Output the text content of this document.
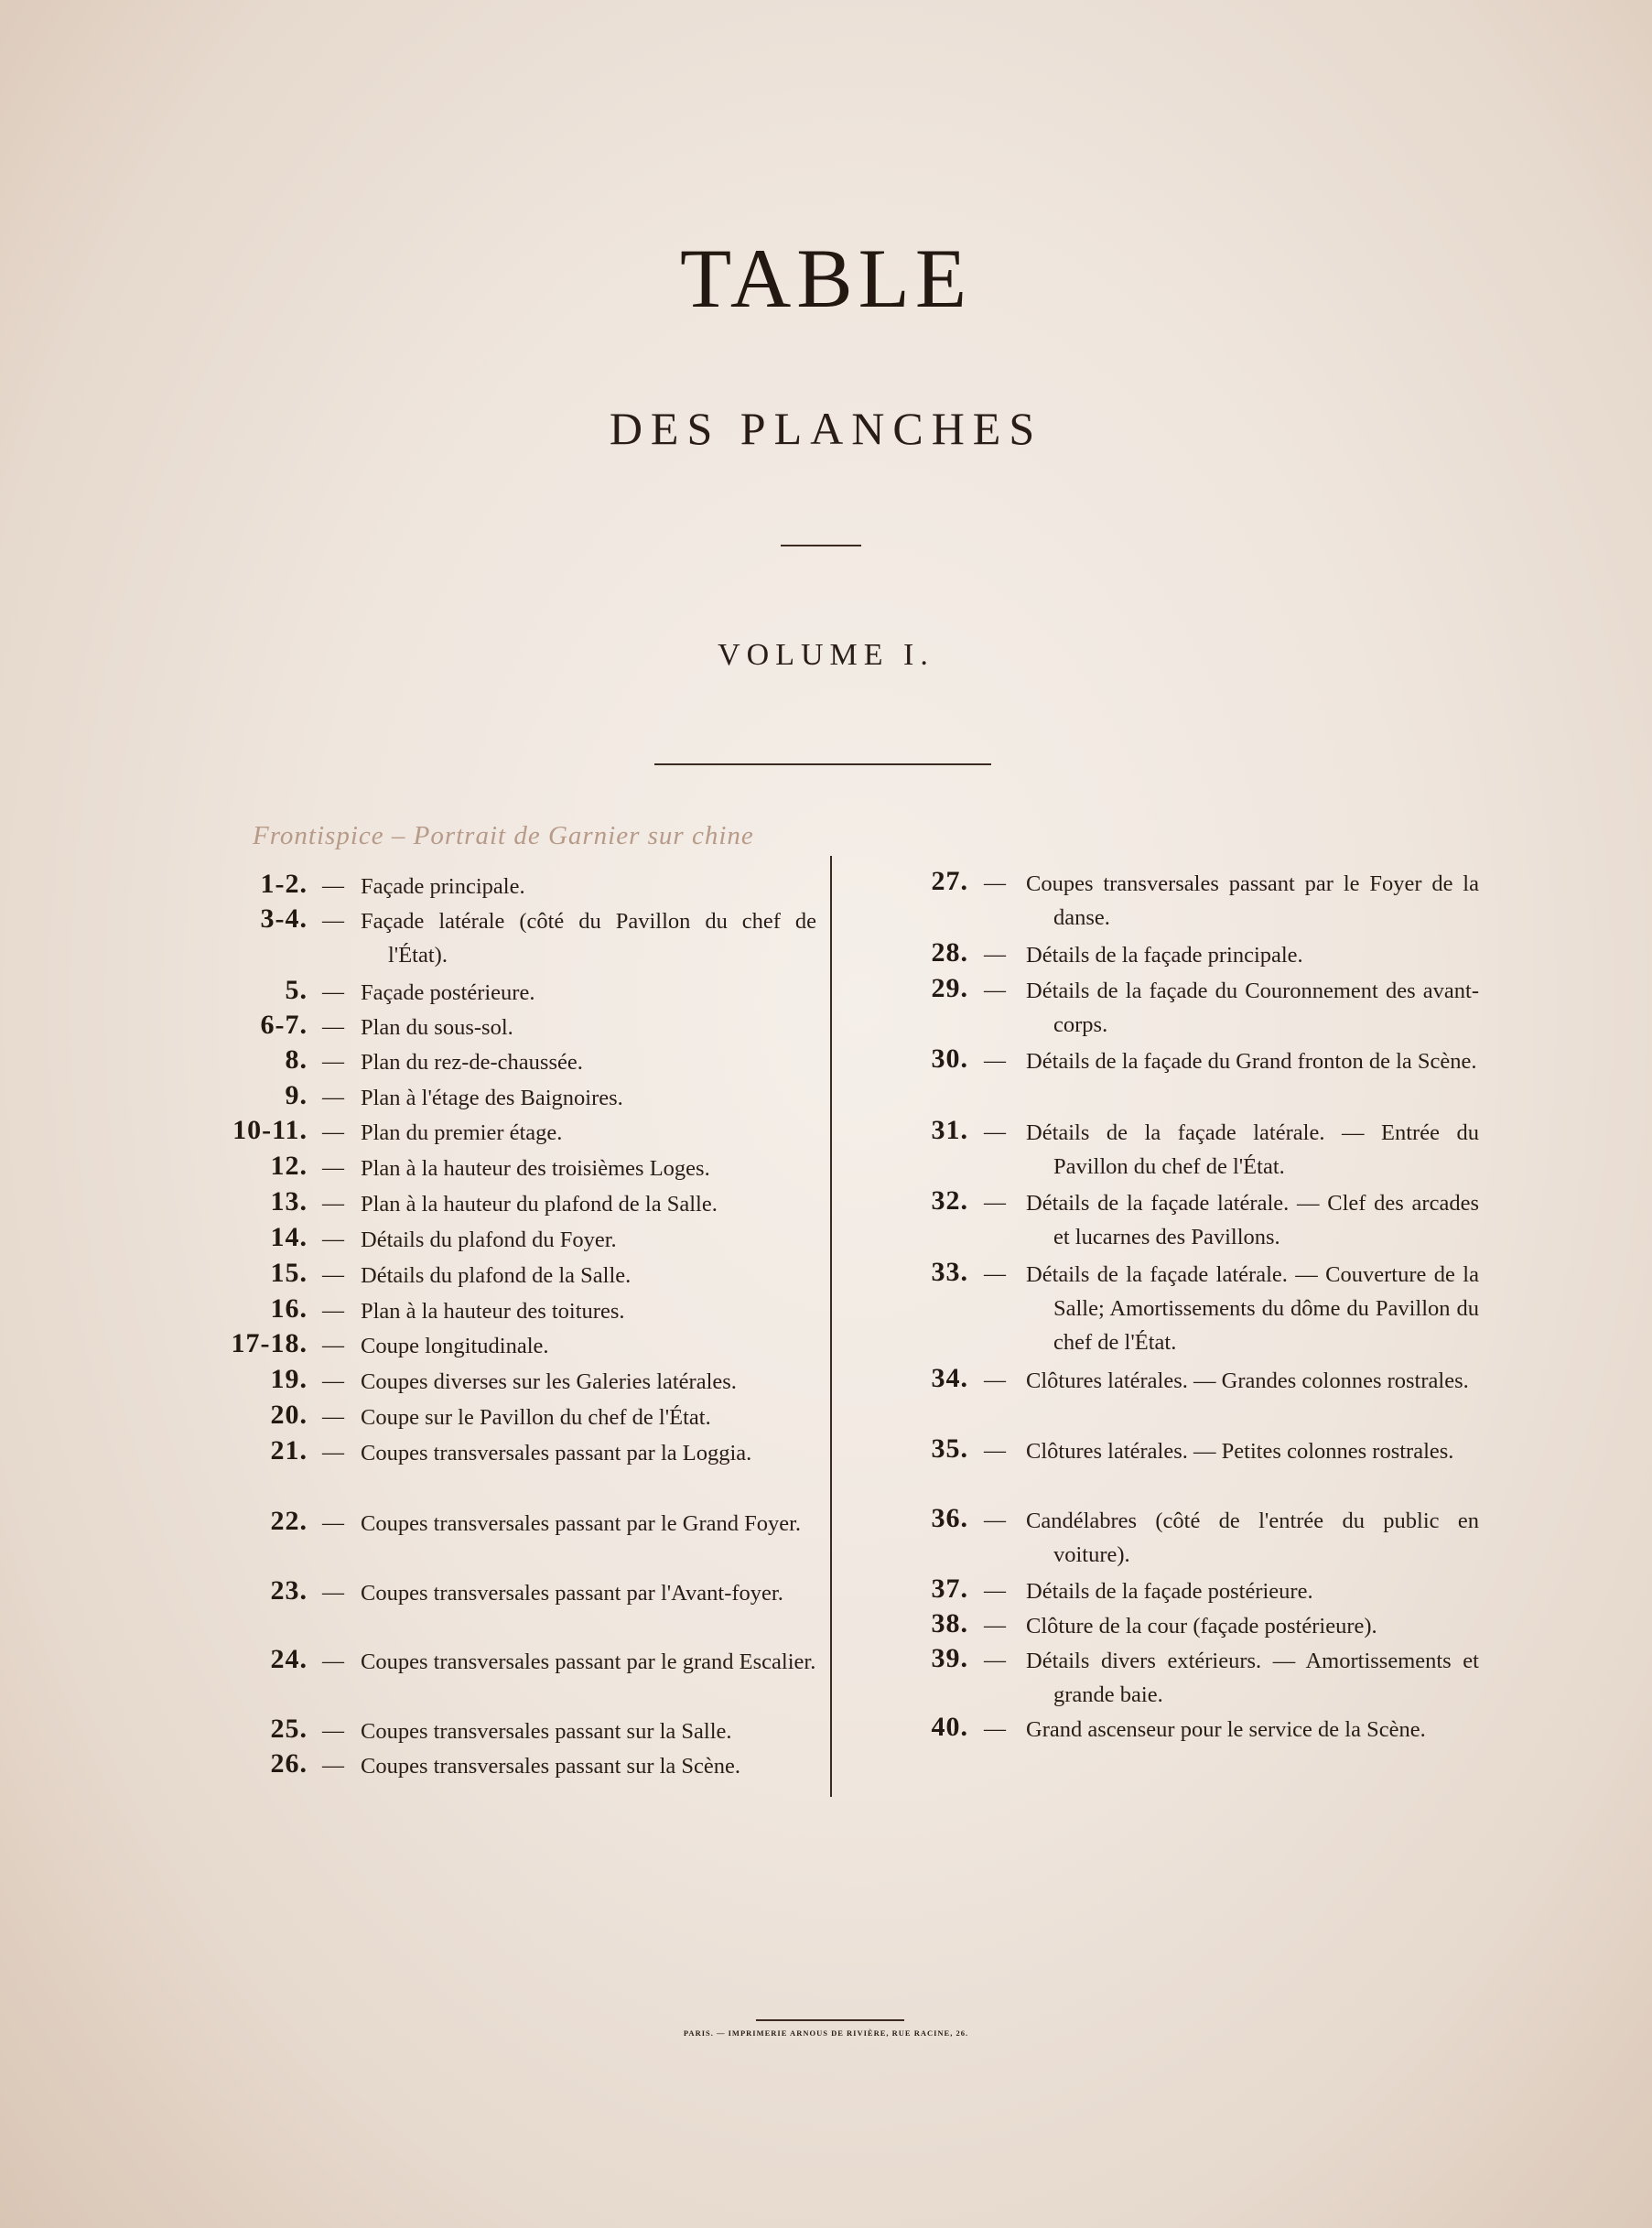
TABLE
DES PLANCHES
VOLUME I.
Frontispice – Portrait de Garnier sur chine
1-2. — Façade principale.
3-4. — Façade latérale (côté du Pavillon du chef de l'État).
5. — Façade postérieure.
6-7. — Plan du sous-sol.
8. — Plan du rez-de-chaussée.
9. — Plan à l'étage des Baignoires.
10-11. — Plan du premier étage.
12. — Plan à la hauteur des troisièmes Loges.
13. — Plan à la hauteur du plafond de la Salle.
14. — Détails du plafond du Foyer.
15. — Détails du plafond de la Salle.
16. — Plan à la hauteur des toitures.
17-18. — Coupe longitudinale.
19. — Coupes diverses sur les Galeries latérales.
20. — Coupe sur le Pavillon du chef de l'État.
21. — Coupes transversales passant par la Loggia.
22. — Coupes transversales passant par le Grand Foyer.
23. — Coupes transversales passant par l'Avant-foyer.
24. — Coupes transversales passant par le grand Escalier.
25. — Coupes transversales passant sur la Salle.
26. — Coupes transversales passant sur la Scène.
27. — Coupes transversales passant par le Foyer de la danse.
28. — Détails de la façade principale.
29. — Détails de la façade du Couronnement des avant-corps.
30. — Détails de la façade du Grand fronton de la Scène.
31. — Détails de la façade latérale. — Entrée du Pavillon du chef de l'État.
32. — Détails de la façade latérale. — Clef des arcades et lucarnes des Pavillons.
33. — Détails de la façade latérale. — Couverture de la Salle; Amortissements du dôme du Pavillon du chef de l'État.
34. — Clôtures latérales. — Grandes colonnes rostrales.
35. — Clôtures latérales. — Petites colonnes rostrales.
36. — Candélabres (côté de l'entrée du public en voiture).
37. — Détails de la façade postérieure.
38. — Clôture de la cour (façade postérieure).
39. — Détails divers extérieurs. — Amortissements et grande baie.
40. — Grand ascenseur pour le service de la Scène.
PARIS. — IMPRIMERIE ARNOUS DE RIVIÈRE, RUE RACINE, 26.
